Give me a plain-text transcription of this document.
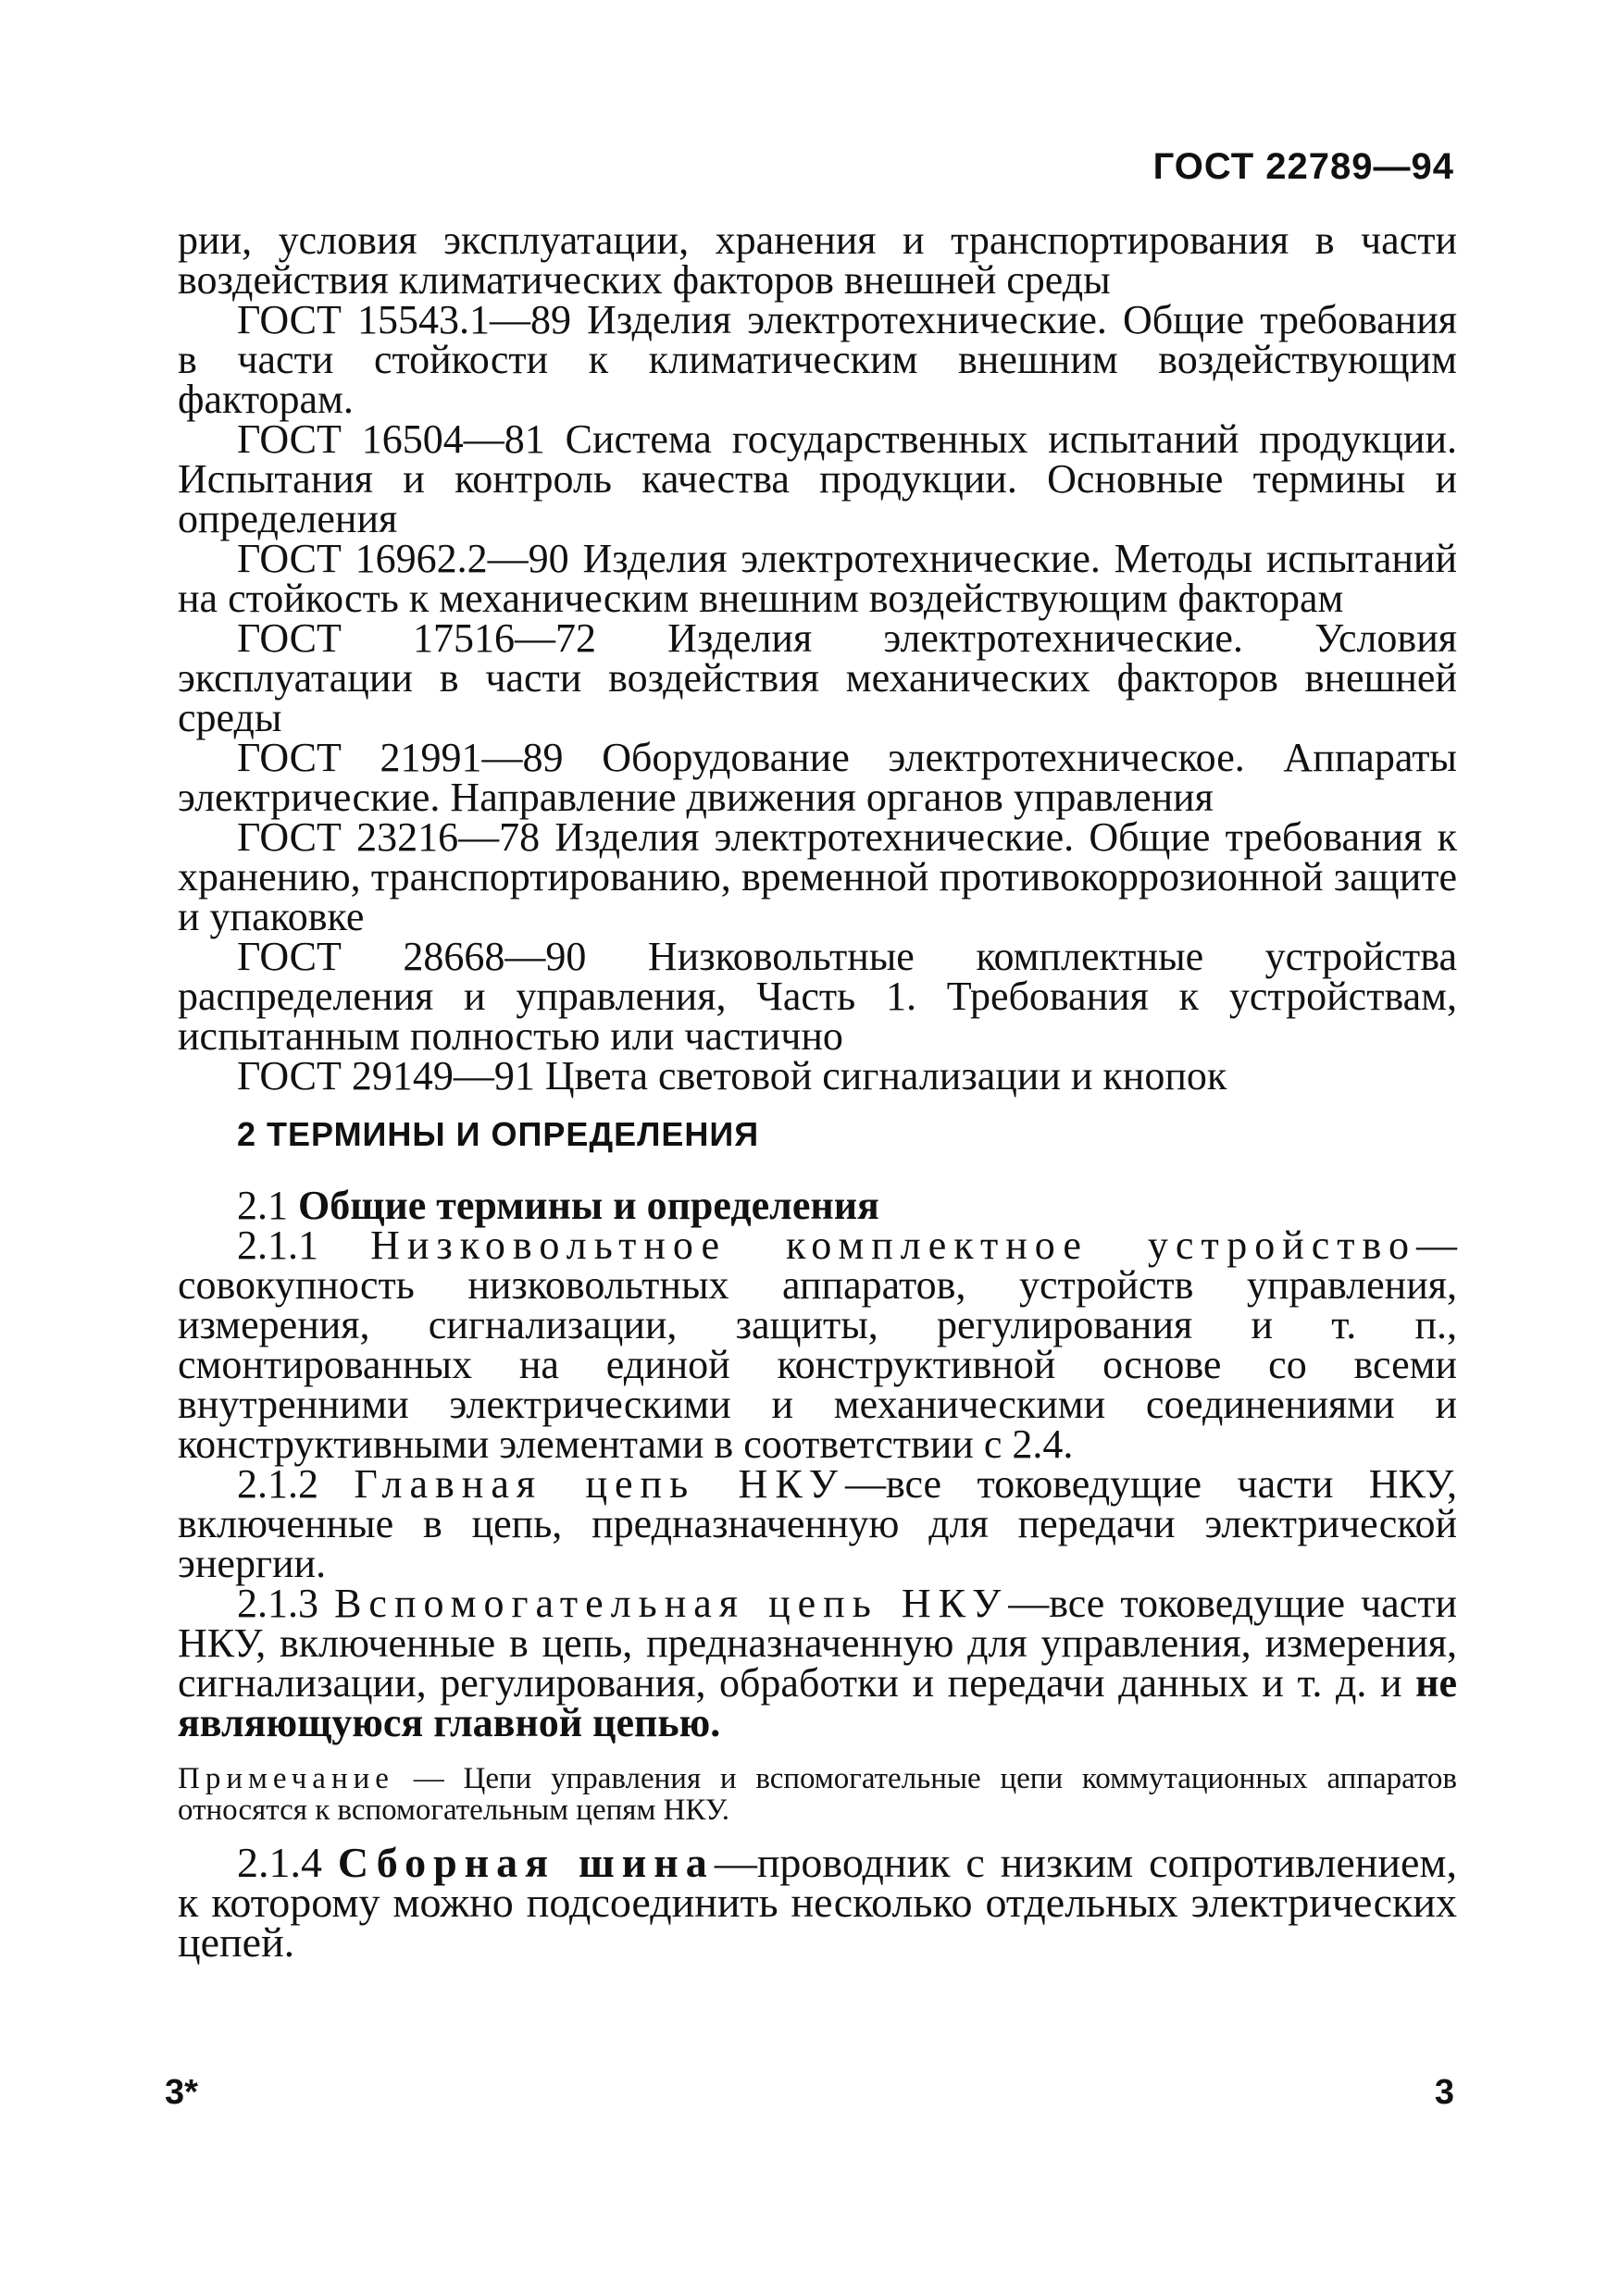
ГОСТ 22789—94

рии, условия эксплуатации, хранения и транспортирования в части воздействия климатических факторов внешней среды

ГОСТ 15543.1—89 Изделия электротехнические. Общие требования в части стойкости к климатическим внешним воздействующим факторам.

ГОСТ 16504—81 Система государственных испытаний продукции. Испытания и контроль качества продукции. Основные термины и определения

ГОСТ 16962.2—90 Изделия электротехнические. Методы испытаний на стойкость к механическим внешним воздействующим факторам

ГОСТ 17516—72 Изделия электротехнические. Условия эксплуатации в части воздействия механических факторов внешней среды

ГОСТ 21991—89 Оборудование электротехническое. Аппараты электрические. Направление движения органов управления

ГОСТ 23216—78 Изделия электротехнические. Общие требования к хранению, транспортированию, временной противокоррозионной защите и упаковке

ГОСТ 28668—90 Низковольтные комплектные устройства распределения и управления, Часть 1. Требования к устройствам, испытанным полностью или частично

ГОСТ 29149—91 Цвета световой сигнализации и кнопок

2 ТЕРМИНЫ И ОПРЕДЕЛЕНИЯ

2.1 Общие термины и определения

2.1.1 Низковольтное комплектное устройство—совокупность низковольтных аппаратов, устройств управления, измерения, сигнализации, защиты, регулирования и т. п., смонтированных на единой конструктивной основе со всеми внутренними электрическими и механическими соединениями и конструктивными элементами в соответствии с 2.4.

2.1.2 Главная цепь НКУ—все токоведущие части НКУ, включенные в цепь, предназначенную для передачи электрической энергии.

2.1.3 Вспомогательная цепь НКУ—все токоведущие части НКУ, включенные в цепь, предназначенную для управления, измерения, сигнализации, регулирования, обработки и передачи данных и т. д. и не являющуюся главной цепью.

Примечание — Цепи управления и вспомогательные цепи коммутационных аппаратов относятся к вспомогательным цепям НКУ.

2.1.4 Сборная шина—проводник с низким сопротивлением, к которому можно подсоединить несколько отдельных электрических цепей.

3*	3
